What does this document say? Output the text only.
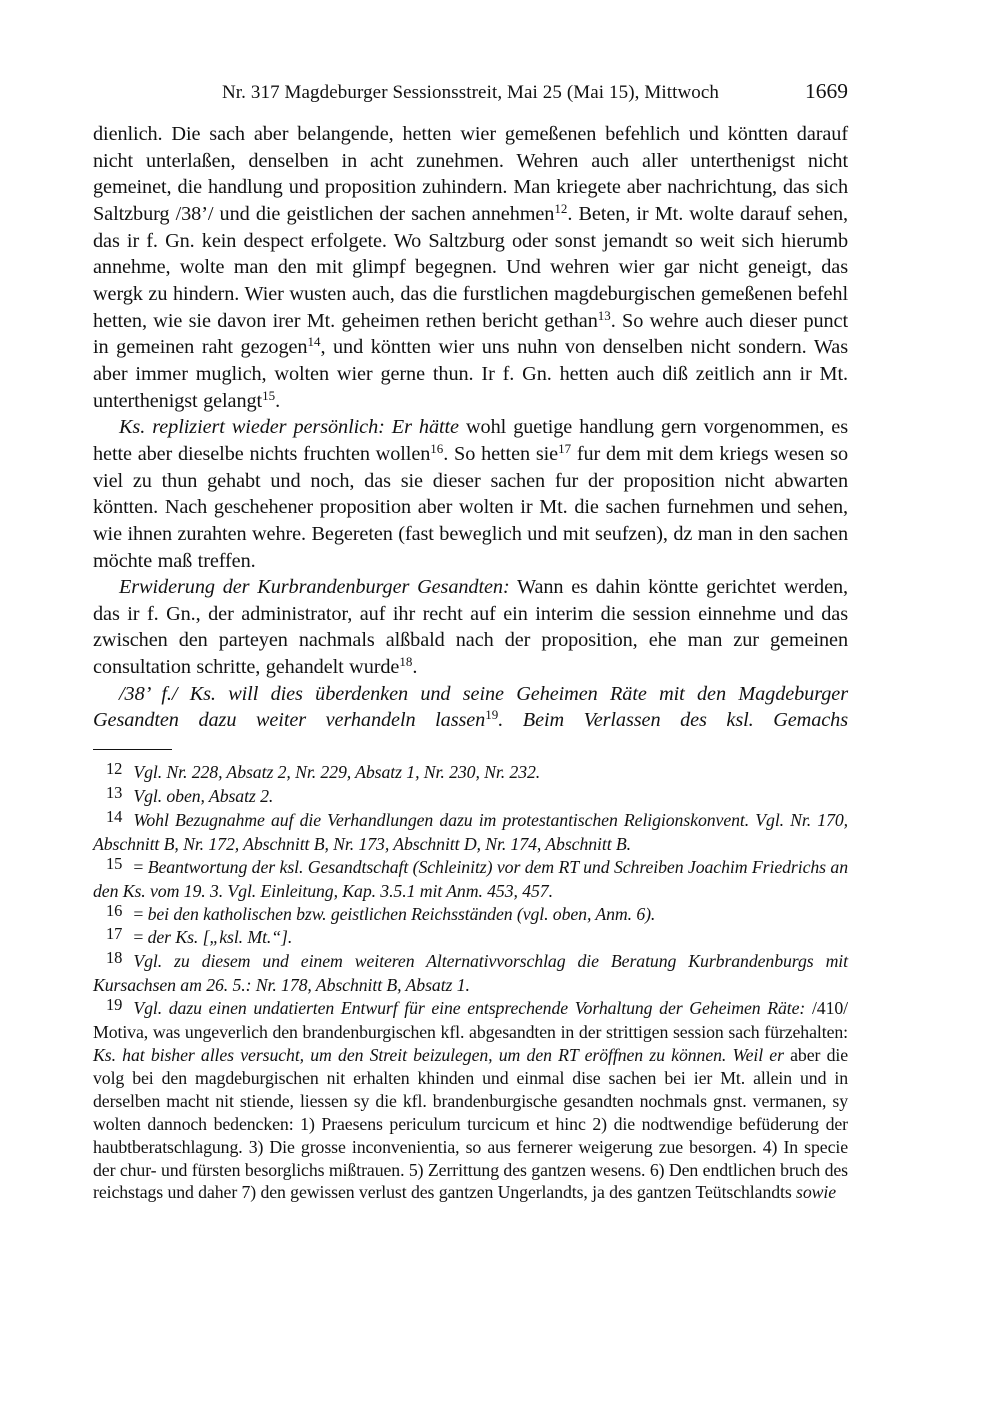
Nr. 317 Magdeburger Sessionsstreit, Mai 25 (Mai 15), Mittwoch	1669

dienlich. Die sach aber belangende, hetten wier gemeßenen befehlich und köntten darauf nicht unterlaßen, denselben in acht zunehmen. Wehren auch aller unterthenigst nicht gemeinet, die handlung und proposition zuhindern. Man kriegete aber nachrichtung, das sich Saltzburg /38’/ und die geistlichen der sachen annehmen$^{12}$. Beten, ir Mt. wolte darauf sehen, das ir f. Gn. kein despect erfolgete. Wo Saltzburg oder sonst jemandt so weit sich hierumb annehme, wolte man den mit glimpf begegnen. Und wehren wier gar nicht geneigt, das wergk zu hindern. Wier wusten auch, das die furstlichen magdeburgischen gemeßenen befehl hetten, wie sie davon irer Mt. geheimen rethen bericht gethan$^{13}$. So wehre auch dieser punct in gemeinen raht gezogen$^{14}$, und köntten wier uns nuhn von denselben nicht sondern. Was aber immer muglich, wolten wier gerne thun. Ir f. Gn. hetten auch diß zeitlich ann ir Mt. unterthenigst gelangt$^{15}$.

Ks. repliziert wieder persönlich: Er hätte wohl guetige handlung gern vorgenommen, es hette aber dieselbe nichts fruchten wollen$^{16}$. So hetten sie$^{17}$ fur dem mit dem kriegs wesen so viel zu thun gehabt und noch, das sie dieser sachen fur der proposition nicht abwarten köntten. Nach geschehener proposition aber wolten ir Mt. die sachen furnehmen und sehen, wie ihnen zurahten wehre. Begereten (fast beweglich und mit seufzen), dz man in den sachen möchte maß treffen.

Erwiderung der Kurbrandenburger Gesandten: Wann es dahin köntte gerichtet werden, das ir f. Gn., der administrator, auf ihr recht auf ein interim die session einnehme und das zwischen den parteyen nachmals alßbald nach der proposition, ehe man zur gemeinen consultation schritte, gehandelt wurde$^{18}$.

/38’ f./ Ks. will dies überdenken und seine Geheimen Räte mit den Magdeburger Gesandten dazu weiter verhandeln lassen$^{19}$. Beim Verlassen des ksl. Gemachs

12 Vgl. Nr. 228, Absatz 2, Nr. 229, Absatz 1, Nr. 230, Nr. 232.

13 Vgl. oben, Absatz 2.

14 Wohl Bezugnahme auf die Verhandlungen dazu im protestantischen Religionskonvent. Vgl. Nr. 170, Abschnitt B, Nr. 172, Abschnitt B, Nr. 173, Abschnitt D, Nr. 174, Abschnitt B.

15 = Beantwortung der ksl. Gesandtschaft (Schleinitz) vor dem RT und Schreiben Joachim Friedrichs an den Ks. vom 19. 3. Vgl. Einleitung, Kap. 3.5.1 mit Anm. 453, 457.

16 = bei den katholischen bzw. geistlichen Reichsständen (vgl. oben, Anm. 6).

17 = der Ks. [„ksl. Mt.“].

18 Vgl. zu diesem und einem weiteren Alternativvorschlag die Beratung Kurbrandenburgs mit Kursachsen am 26. 5.: Nr. 178, Abschnitt B, Absatz 1.

19 Vgl. dazu einen undatierten Entwurf für eine entsprechende Vorhaltung der Geheimen Räte: /410/ Motiva, was ungeverlich den brandenburgischen kfl. abgesandten in der strittigen session sach fürzehalten: Ks. hat bisher alles versucht, um den Streit beizulegen, um den RT eröffnen zu können. Weil er aber die volg bei den magdeburgischen nit erhalten khinden und einmal dise sachen bei ier Mt. allein und in derselben macht nit stiende, liessen sy die kfl. brandenburgische gesandten nochmals gnst. vermanen, sy wolten dannoch bedencken: 1) Praesens periculum turcicum et hinc 2) die nodtwendige befüderung der haubtberatschlagung. 3) Die grosse inconvenientia, so aus fernerer weigerung zue besorgen. 4) In specie der chur- und fürsten besorglichs mißtrauen. 5) Zerrittung des gantzen wesens. 6) Den endtlichen bruch des reichstags und daher 7) den gewissen verlust des gantzen Ungerlandts, ja des gantzen Teütschlandts sowie
